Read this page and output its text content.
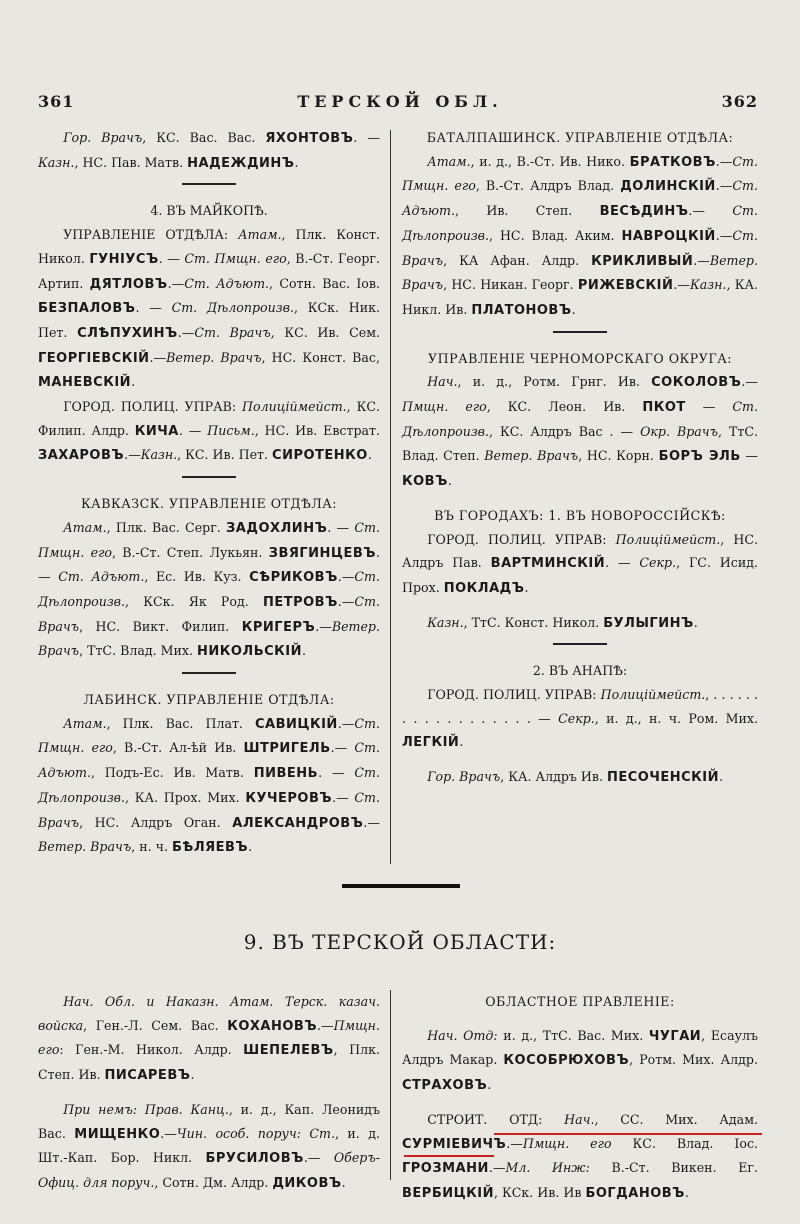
361	ТЕРСКОЙ ОБЛ.	362

Гор. Врачъ, КС. Вас. Вас. ЯХОНТОВЪ. — Казн., НС. Пав. Матв. НАДЕЖДИНЪ.

4. ВЪ МАЙКОПѢ.

УПРАВЛЕНІЕ ОТДѢЛА: Атам., Плк. Конст. Никол. ГУНІУСЪ. — Ст. Пмщн. его, В.-Ст. Георг. Артип. ДЯТЛОВЪ.—Ст. Адъют., Сотн. Вас. Іов. БЕЗПАЛОВЪ. — Ст. Дѣлопроизв., КСк. Ник. Пет. СЛѢПУХИНЪ.—Ст. Врачъ, КС. Ив. Сем. ГЕОРГІЕВСКІЙ.—Ветер. Врачъ, НС. Конст. Вас, МАНЕВСКІЙ.

ГОРОД. ПОЛИЦ. УПРАВ: Полиціймейст., КС. Филип. Алдр. КИЧА. — Письм., НС. Ив. Евстрат. ЗАХАРОВЪ.—Казн., КС. Ив. Пет. СИРОТЕНКО.

КАВКАЗСК. УПРАВЛЕНІЕ ОТДѢЛА:

Атам., Плк. Вас. Серг. ЗАДОХЛИНЪ. — Ст. Пмщн. его, В.-Ст. Степ. Лукьян. ЗВЯГИНЦЕВЪ. — Ст. Адъют., Ес. Ив. Куз. СѢРИКОВЪ.—Ст. Дѣлопроизв., КСк. Як Род. ПЕТРОВЪ.—Ст. Врачъ, НС. Викт. Филип. КРИГЕРЪ.—Ветер. Врачъ, ТтС. Влад. Мих. НИКОЛЬСКІЙ.

ЛАБИНСК. УПРАВЛЕНІЕ ОТДѢЛА:

Атам., Плк. Вас. Плат. САВИЦКІЙ.—Ст. Пмщн. его, В.-Ст. Ал-ѣй Ив. ШТРИГЕЛЬ.— Ст. Адъют., Подъ-Ес. Ив. Матв. ПИВЕНЬ. — Ст. Дѣлопроизв., КА. Прох. Мих. КУЧЕРОВЪ.— Ст. Врачъ, НС. Алдръ Оган. АЛЕКСАНДРОВЪ.—Ветер. Врачъ, н. ч. БѢЛЯЕВЪ.

БАТАЛПАШИНСК. УПРАВЛЕНІЕ ОТДѢЛА:

Атам., и. д., В.-Ст. Ив. Нико. БРАТКОВЪ.—Ст. Пмщн. его, В.-Ст. Алдръ Влад. ДОЛИНСКІЙ.—Ст. Адъют., Ив. Степ. ВЕСѢДИНЪ.— Ст. Дѣлопроизв., НС. Влад. Аким. НАВРОЦКІЙ.—Ст. Врачъ, КА Афан. Алдр. КРИКЛИВЫЙ.—Ветер. Врачъ, НС. Никан. Георг. РИЖЕВСКІЙ.—Казн., КА. Никл. Ив. ПЛАТОНОВЪ.

УПРАВЛЕНІЕ ЧЕРНОМОРСКАГО ОКРУГА:

Нач., и. д., Ротм. Грнг. Ив. СОКОЛОВЪ.— Пмщн. его, КС. Леон. Ив. ПКОТ — Ст. Дѣлопроизв., КС. Алдръ Вас . — Окр. Врачъ, ТтС. Влад. Степ. Ветер. Врачъ, НС. Корн. БОРЪ ЭЛЬ — КОВЪ.

ВЪ ГОРОДАХЪ: 1. ВЪ НОВОРОССІЙСКѢ:

ГОРОД. ПОЛИЦ. УПРАВ: Полиціймейст., НС. Алдръ Пав. ВАРТМИНСКІЙ. — Секр., ГС. Исид. Прох. ПОКЛАДЪ.

Казн., ТтС. Конст. Никол. БУЛЫГИНЪ.

2. ВЪ АНАПѢ:

ГОРОД. ПОЛИЦ. УПРАВ: Полиціймейст., . . . . . . . . . . . . . . . . . . — Секр., и. д., н. ч. Ром. Мих. ЛЕГКІЙ.

Гор. Врачъ, КА. Алдръ Ив. ПЕСОЧЕНСКІЙ.

9. ВЪ ТЕРСКОЙ ОБЛАСТИ:

Нач. Обл. и Наказн. Атам. Терск. казач. войска, Ген.-Л. Сем. Вас. КОХАНОВЪ.—Пмщн. его: Ген.-М. Никол. Алдр. ШЕПЕЛЕВЪ, Плк. Степ. Ив. ПИСАРЕВЪ.

При немъ: Прав. Канц., и. д., Кап. Леонидъ Вас. МИЩЕНКО.—Чин. особ. поруч: Ст., и. д. Шт.-Кап. Бор. Никл. БРУСИЛОВЪ.— Оберъ-Офиц. для поруч., Сотн. Дм. Алдр. ДИКОВЪ.

ОБЛАСТНОЕ ПРАВЛЕНІЕ:

Нач. Отд: и. д., ТтС. Вас. Мих. ЧУГАИ, Есаулъ Алдръ Макар. КОСОБРЮХОВЪ, Ротм. Мих. Алдр. СТРАХОВЪ.

СТРОИТ. ОТД: Нач., СС. Мих. Адам. СУРМІЕВИЧЪ.—Пмщн. его КС. Влад. Іос. ГРОЗМАНИ.—Мл. Инж: В.-Ст. Викен. Ег. ВЕРБИЦКІЙ, КСк. Ив. Ив БОГДАНОВЪ.
